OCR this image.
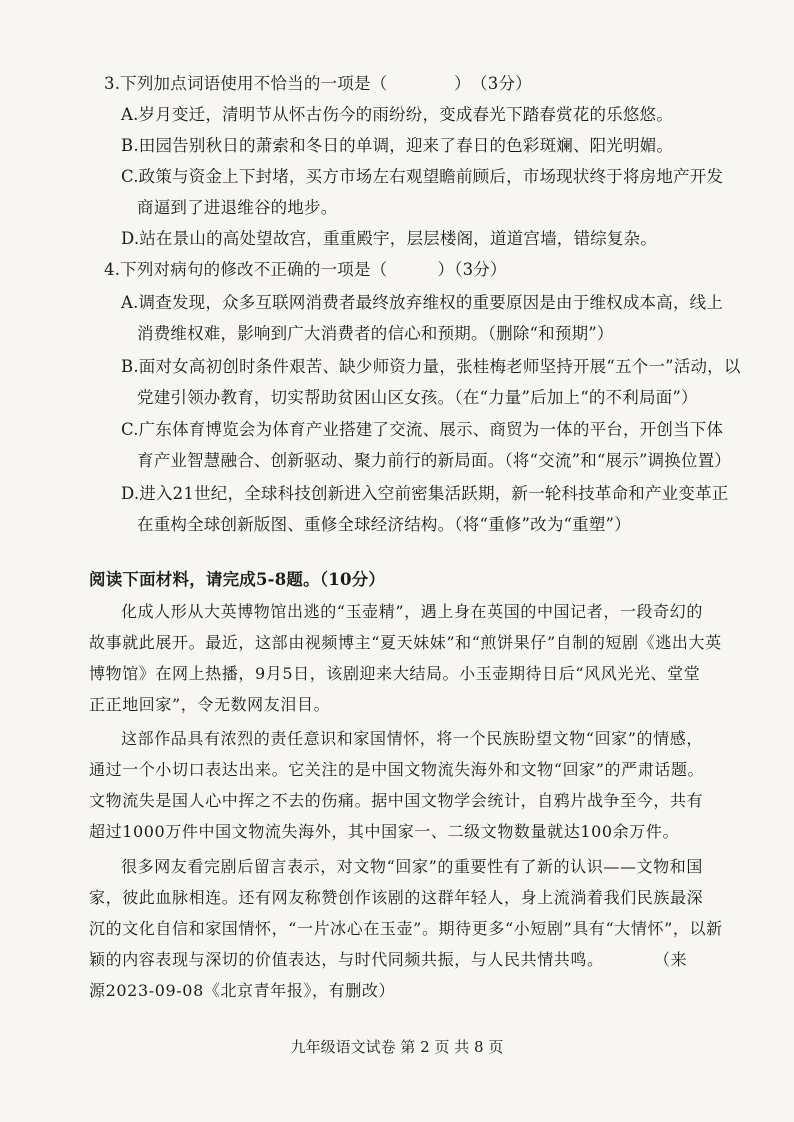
3.下列加点词语使用不恰当的一项是（　　　　）　（3分）
A.岁月变迁，清明节从怀古伤今的雨纷纷，变成春光下踏春赏花的乐悠悠。
B.田园告别秋日的萧索和冬日的单调，迎来了春日的色彩斑斓、阳光明媚。
C.政策与资金上下封堵，买方市场左右观望瞻前顾后，市场现状终于将房地产开发
商逼到了进退维谷的地步。
D.站在景山的高处望故宫，重重殿宇，层层楼阁，道道宫墙，错综复杂。
4.下列对病句的修改不正确的一项是（　　　）（3分）
A.调查发现，众多互联网消费者最终放弃维权的重要原因是由于维权成本高，线上
消费维权难，影响到广大消费者的信心和预期。（删除“和预期”）
B.面对女高初创时条件艰苦、缺少师资力量，张桂梅老师坚持开展“五个一”活动，以
党建引领办教育，切实帮助贫困山区女孩。（在“力量”后加上“的不利局面”）
C.广东体育博览会为体育产业搭建了交流、展示、商贸为一体的平台，开创当下体
育产业智慧融合、创新驱动、聚力前行的新局面。（将“交流”和“展示”调换位置）
D.进入21世纪，全球科技创新进入空前密集活跃期，新一轮科技革命和产业变革正
在重构全球创新版图、重修全球经济结构。（将“重修”改为“重塑”）
阅读下面材料，请完成5-8题。（10分）
化成人形从大英博物馆出逃的“玉壶精”，遇上身在英国的中国记者，一段奇幻的
故事就此展开。最近，这部由视频博主“夏天妹妹”和“煎饼果仔”自制的短剧《逃出大英
博物馆》在网上热播，9月5日，该剧迎来大结局。小玉壶期待日后“风风光光、堂堂
正正地回家”，令无数网友泪目。
这部作品具有浓烈的责任意识和家国情怀，将一个民族盼望文物“回家”的情感，
通过一个小切口表达出来。它关注的是中国文物流失海外和文物“回家”的严肃话题。
文物流失是国人心中挥之不去的伤痛。据中国文物学会统计，自鸦片战争至今，共有
超过1000万件中国文物流失海外，其中国家一、二级文物数量就达100余万件。
很多网友看完剧后留言表示，对文物“回家”的重要性有了新的认识——文物和国
家，彼此血脉相连。还有网友称赞创作该剧的这群年轻人，身上流淌着我们民族最深
沉的文化自信和家国情怀，“一片冰心在玉壶”。期待更多“小短剧”具有“大情怀”，以新
颖的内容表现与深切的价值表达，与时代同频共振，与人民共情共鸣。　　　　（来
源2023-09-08《北京青年报》，有删改）
九年级语文试卷 第 2 页 共 8 页
